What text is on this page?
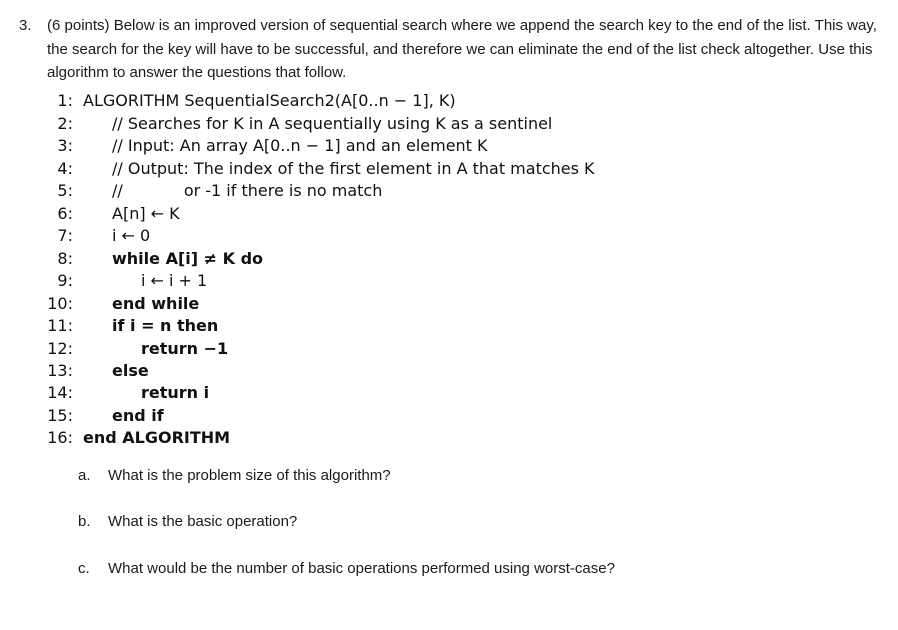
3. (6 points) Below is an improved version of sequential search where we append the search key to the end of the list. This way, the search for the key will have to be successful, and therefore we can eliminate the end of the list check altogether. Use this algorithm to answer the questions that follow.
1: ALGORITHM SequentialSearch2(A[0..n − 1], K)
2: // Searches for K in A sequentially using K as a sentinel
3: // Input: An array A[0..n − 1] and an element K
4: // Output: The index of the first element in A that matches K
5: //            or -1 if there is no match
6: A[n] ← K
7: i ← 0
8: while A[i] ≠ K do
9:	i ← i + 1
10: end while
11: if i = n then
12:	return −1
13: else
14:	return i
15: end if
16: end ALGORITHM
a. What is the problem size of this algorithm?
b. What is the basic operation?
c. What would be the number of basic operations performed using worst-case?
